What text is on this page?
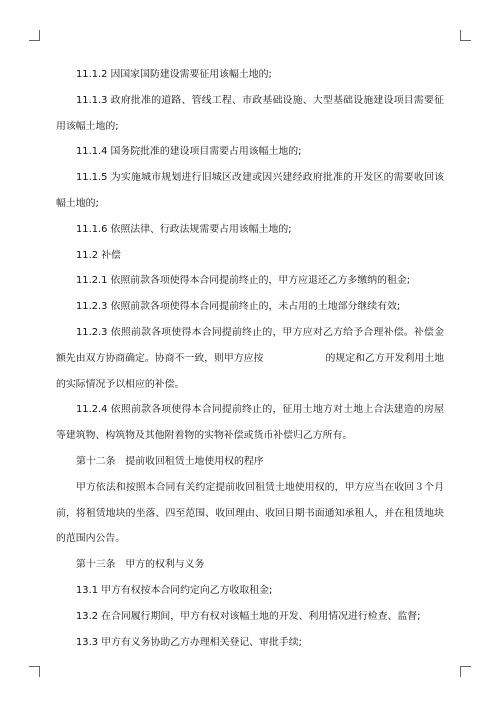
11.1.2 因国家国防建设需要征用该幅土地的;

11.1.3 政府批准的道路、管线工程、市政基础设施、大型基础设施建设项目需要征用该幅土地的;

11.1.4 国务院批准的建设项目需要占用该幅土地的;

11.1.5 为实施城市规划进行旧城区改建或因兴建经政府批准的开发区的需要收回该幅土地的;

11.1.6 依照法律、行政法规需要占用该幅土地的;

11.2 补偿

11.2.1 依照前款各项使得本合同提前终止的，甲方应退还乙方多缴纳的租金;

11.2.3 依照前款各项使得本合同提前终止的，未占用的土地部分继续有效;

11.2.3 依照前款各项使得本合同提前终止的，甲方应对乙方给予合理补偿。补偿金额先由双方协商确定。协商不一致，则甲方应按	的规定和乙方开发利用土地的实际情况予以相应的补偿。

11.2.4 依照前款各项使得本合同提前终止的，征用土地方对土地上合法建造的房屋等建筑物、构筑物及其他附着物的实物补偿或货币补偿归乙方所有。

第十二条　提前收回租赁土地使用权的程序

甲方依法和按照本合同有关约定提前收回租赁土地使用权的，甲方应当在收回３个月前，将租赁地块的坐落、四至范围、收回理由、收回日期书面通知承租人，并在租赁地块的范围内公告。

第十三条　甲方的权利与义务

13.1 甲方有权按本合同约定向乙方收取租金;

13.2 在合同履行期间，甲方有权对该幅土地的开发、利用情况进行检查、监督;

13.3 甲方有义务协助乙方办理相关登记、审批手续;
